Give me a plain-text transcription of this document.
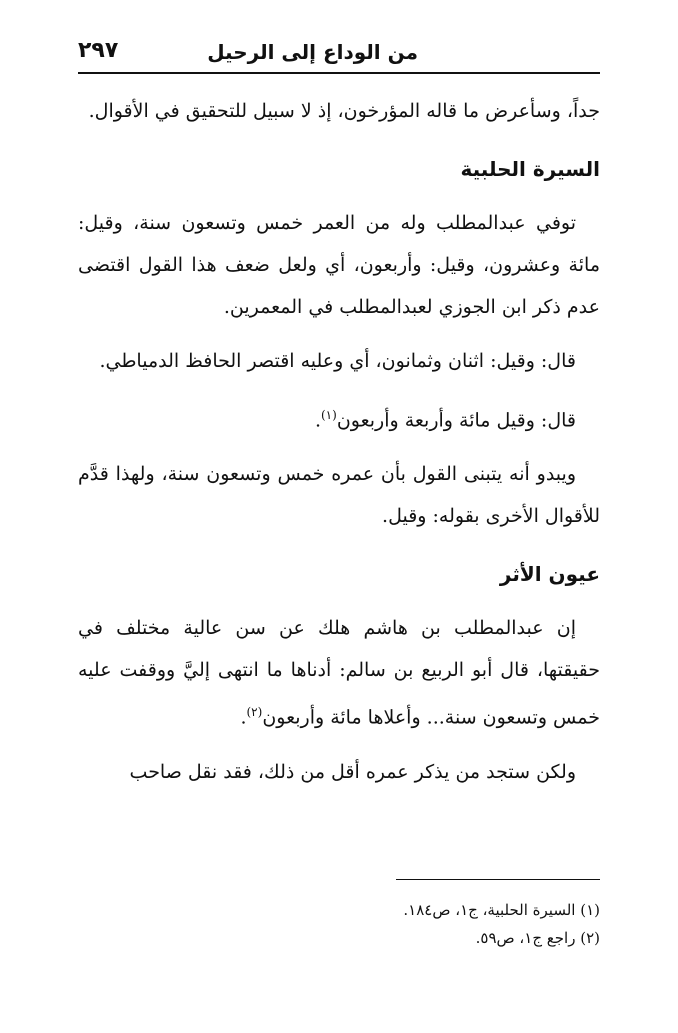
من الوداع إلى الرحيل
٢٩٧

جداً، وسأعرض ما قاله المؤرخون، إذ لا سبيل للتحقيق في الأقوال.

السيرة الحلبية

توفي عبدالمطلب وله من العمر خمس وتسعون سنة، وقيل: مائة وعشرون، وقيل: وأربعون، أي ولعل ضعف هذا القول اقتضى عدم ذكر ابن الجوزي لعبدالمطلب في المعمرين.

قال: وقيل: اثنان وثمانون، أي وعليه اقتصر الحافظ الدمياطي.

قال: وقيل مائة وأربعة وأربعون$^{(١)}$.

ويبدو أنه يتبنى القول بأن عمره خمس وتسعون سنة، ولهذا قدَّم للأقوال الأخرى بقوله: وقيل.

عيون الأثر

إن عبدالمطلب بن هاشم هلك عن سن عالية مختلف في حقيقتها، قال أبو الربيع بن سالم: أدناها ما انتهى إليَّ ووقفت عليه خمس وتسعون سنة... وأعلاها مائة وأربعون$^{(٢)}$.

ولكن ستجد من يذكر عمره أقل من ذلك، فقد نقل صاحب

(١) السيرة الحلبية، ج١، ص١٨٤.

(٢) راجع ج١، ص٥٩.
